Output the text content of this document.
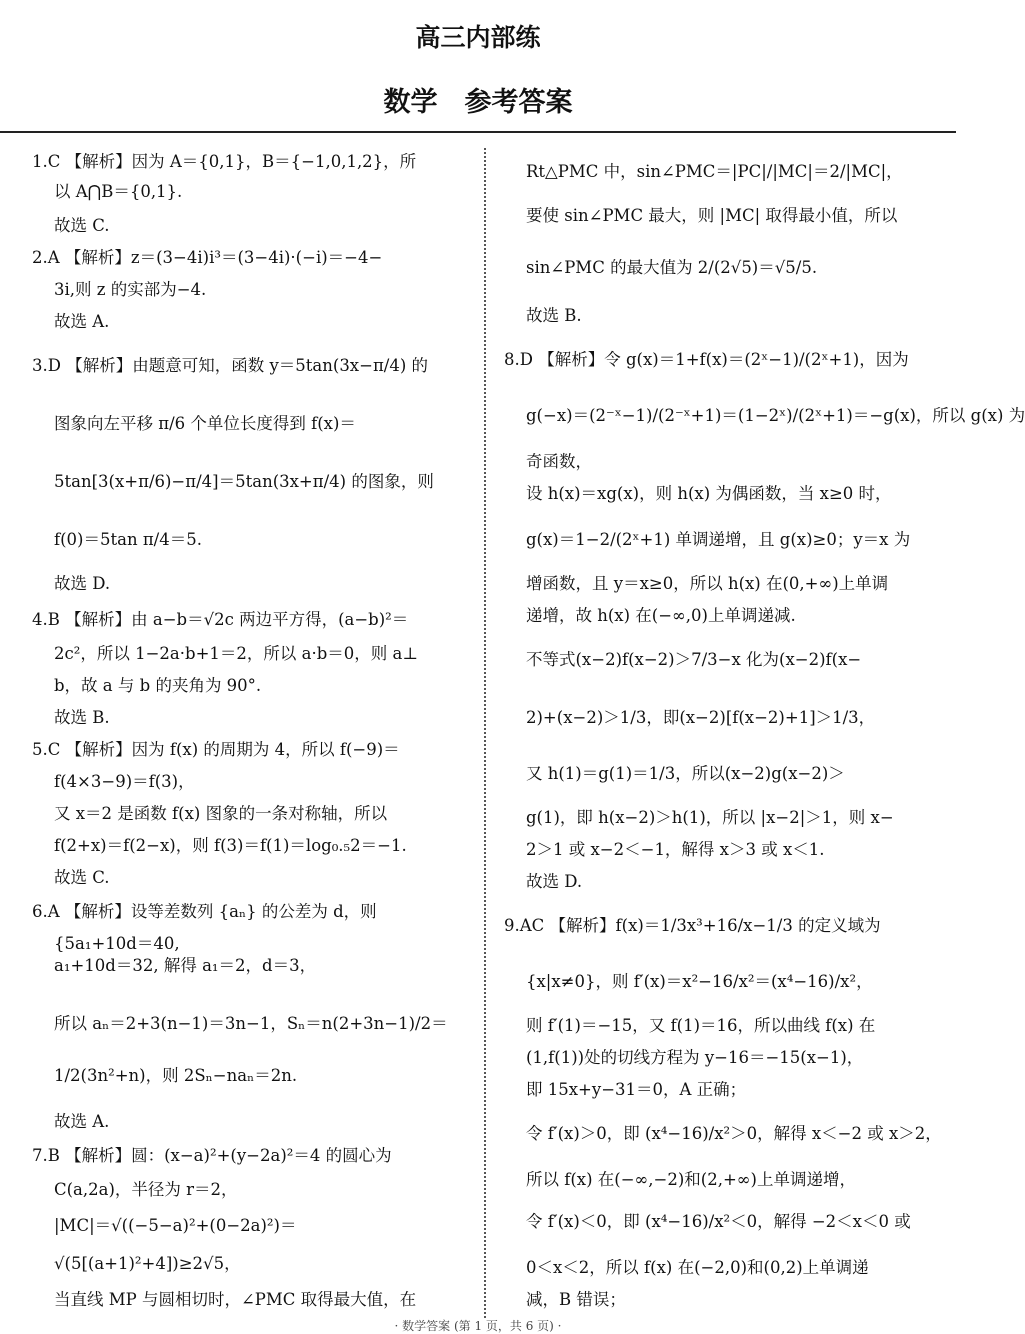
高三内部练
数学　参考答案
1.C 【解析】因为 A＝{0,1}，B＝{−1,0,1,2}，所
以 A⋂B＝{0,1}.
故选 C.
2.A 【解析】z＝(3−4i)i³＝(3−4i)·(−i)＝−4−
3i,则 z 的实部为−4.
故选 A.
3.D 【解析】由题意可知，函数 y＝5tan(3x−π/4) 的
图象向左平移 π/6 个单位长度得到 f(x)＝
5tan[3(x+π/6)−π/4]＝5tan(3x+π/4) 的图象，则
f(0)＝5tan π/4＝5.
故选 D.
4.B 【解析】由 a−b＝√2c 两边平方得，(a−b)²＝
2c²，所以 1−2a·b+1＝2，所以 a·b＝0，则 a⊥
b，故 a 与 b 的夹角为 90°.
故选 B.
5.C 【解析】因为 f(x) 的周期为 4，所以 f(−9)＝
f(4×3−9)＝f(3)，
又 x＝2 是函数 f(x) 图象的一条对称轴，所以
f(2+x)＝f(2−x)，则 f(3)＝f(1)＝log₀.₅2＝−1.
故选 C.
6.A 【解析】设等差数列 {aₙ} 的公差为 d，则
{5a₁+10d＝40,
a₁+10d＝32, 解得 a₁＝2，d＝3，
所以 aₙ＝2+3(n−1)＝3n−1，Sₙ＝n(2+3n−1)/2＝
1/2(3n²+n)，则 2Sₙ−naₙ＝2n.
故选 A.
7.B 【解析】圆：(x−a)²+(y−2a)²＝4 的圆心为
C(a,2a)，半径为 r＝2，
|MC|＝√((−5−a)²+(0−2a)²)＝
√(5[(a+1)²+4])≥2√5，
当直线 MP 与圆相切时，∠PMC 取得最大值，在
Rt△PMC 中，sin∠PMC＝|PC|/|MC|＝2/|MC|，
要使 sin∠PMC 最大，则 |MC| 取得最小值，所以
sin∠PMC 的最大值为 2/(2√5)＝√5/5.
故选 B.
8.D 【解析】令 g(x)＝1+f(x)＝(2ˣ−1)/(2ˣ+1)，因为
g(−x)＝(2⁻ˣ−1)/(2⁻ˣ+1)＝(1−2ˣ)/(2ˣ+1)＝−g(x)，所以 g(x) 为
奇函数，
设 h(x)＝xg(x)，则 h(x) 为偶函数，当 x≥0 时，
g(x)＝1−2/(2ˣ+1) 单调递增，且 g(x)≥0；y＝x 为
增函数，且 y＝x≥0，所以 h(x) 在(0,+∞)上单调
递增，故 h(x) 在(−∞,0)上单调递减.
不等式(x−2)f(x−2)＞7/3−x 化为(x−2)f(x−
2)+(x−2)＞1/3，即(x−2)[f(x−2)+1]＞1/3，
又 h(1)＝g(1)＝1/3，所以(x−2)g(x−2)＞
g(1)，即 h(x−2)＞h(1)，所以 |x−2|＞1，则 x−
2＞1 或 x−2＜−1，解得 x＞3 或 x＜1.
故选 D.
9.AC 【解析】f(x)＝1/3x³+16/x−1/3 的定义域为
{x|x≠0}，则 f′(x)＝x²−16/x²＝(x⁴−16)/x²，
则 f′(1)＝−15，又 f(1)＝16，所以曲线 f(x) 在
(1,f(1))处的切线方程为 y−16＝−15(x−1)，
即 15x+y−31＝0，A 正确；
令 f′(x)＞0，即 (x⁴−16)/x²＞0，解得 x＜−2 或 x＞2，
所以 f(x) 在(−∞,−2)和(2,+∞)上单调递增，
令 f′(x)＜0，即 (x⁴−16)/x²＜0，解得 −2＜x＜0 或
0＜x＜2，所以 f(x) 在(−2,0)和(0,2)上单调递
减，B 错误；
· 数学答案 (第 1 页，共 6 页) ·
